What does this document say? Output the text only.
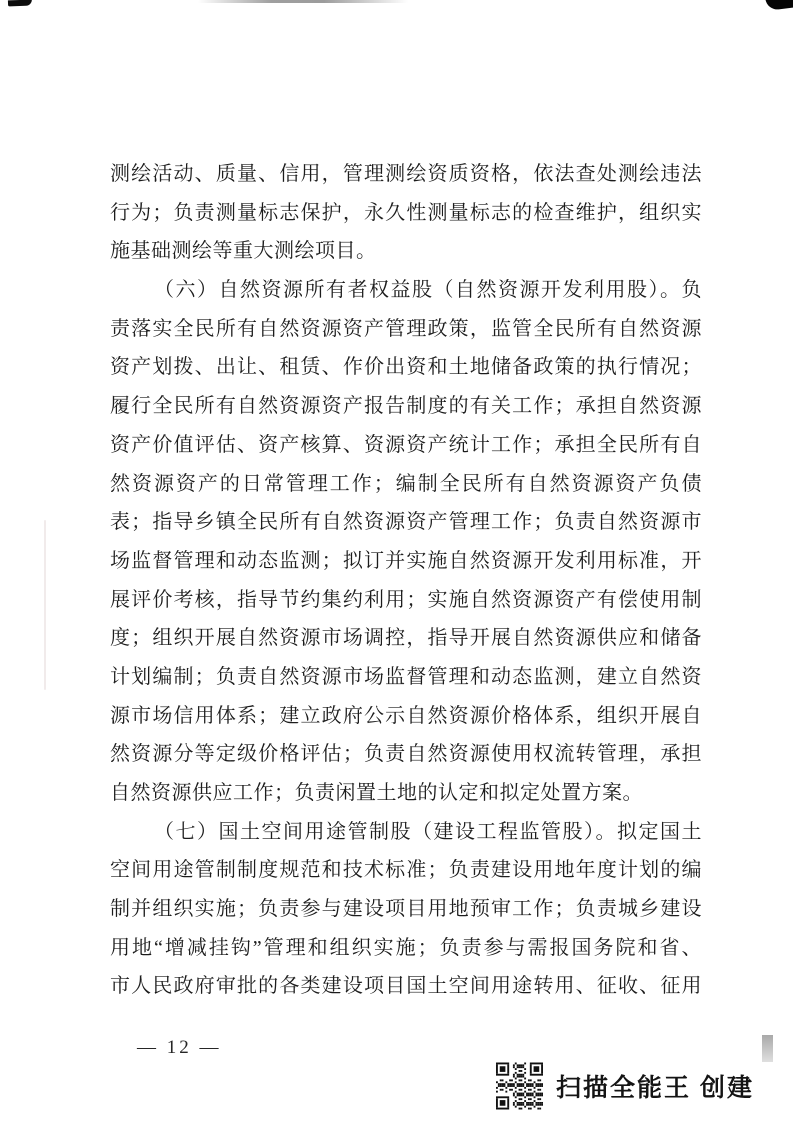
测绘活动、质量、信用，管理测绘资质资格，依法查处测绘违法
行为；负责测量标志保护，永久性测量标志的检查维护，组织实
施基础测绘等重大测绘项目。
（六）自然资源所有者权益股（自然资源开发利用股）。负
责落实全民所有自然资源资产管理政策，监管全民所有自然资源
资产划拨、出让、租赁、作价出资和土地储备政策的执行情况；
履行全民所有自然资源资产报告制度的有关工作；承担自然资源
资产价值评估、资产核算、资源资产统计工作；承担全民所有自
然资源资产的日常管理工作；编制全民所有自然资源资产负债
表；指导乡镇全民所有自然资源资产管理工作；负责自然资源市
场监督管理和动态监测；拟订并实施自然资源开发利用标准，开
展评价考核，指导节约集约利用；实施自然资源资产有偿使用制
度；组织开展自然资源市场调控，指导开展自然资源供应和储备
计划编制；负责自然资源市场监督管理和动态监测，建立自然资
源市场信用体系；建立政府公示自然资源价格体系，组织开展自
然资源分等定级价格评估；负责自然资源使用权流转管理，承担
自然资源供应工作；负责闲置土地的认定和拟定处置方案。
（七）国土空间用途管制股（建设工程监管股）。拟定国土
空间用途管制制度规范和技术标准；负责建设用地年度计划的编
制并组织实施；负责参与建设项目用地预审工作；负责城乡建设
用地“增减挂钩”管理和组织实施；负责参与需报国务院和省、
市人民政府审批的各类建设项目国土空间用途转用、征收、征用
— 12 —
扫描全能王 创建
